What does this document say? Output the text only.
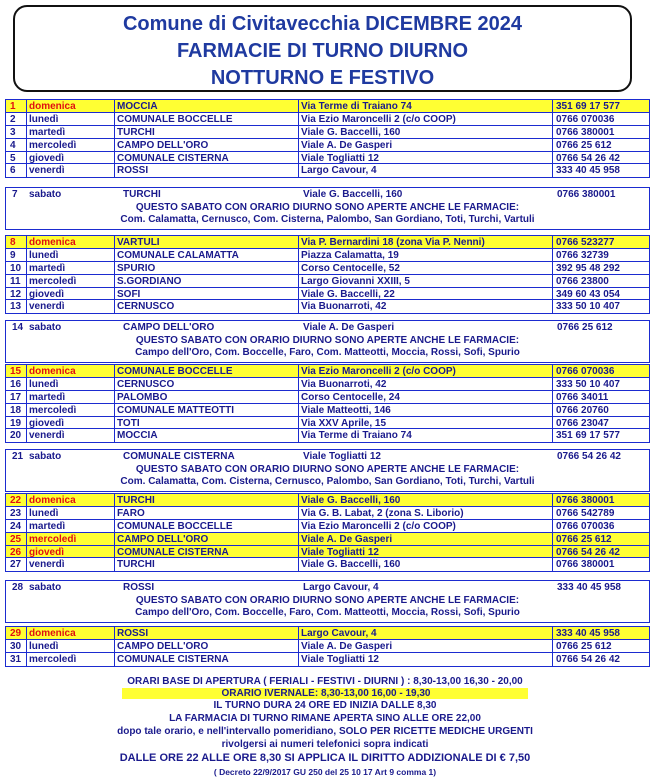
Comune di Civitavecchia DICEMBRE 2024
FARMACIE DI TURNO DIURNO
NOTTURNO E FESTIVO
1 domenica	MOCCIA	Via Terme di Traiano 74	351 69 17 577
2 lunedì	COMUNALE BOCCELLE	Via Ezio Maroncelli 2 (c/o COOP)	0766 070036
3 martedì	TURCHI	Viale G. Baccelli, 160	0766 380001
4 mercoledì	CAMPO DELL'ORO	Viale A. De Gasperi	0766 25 612
5 giovedì	COMUNALE CISTERNA	Viale Togliatti 12	0766 54 26 42
6 venerdì	ROSSI	Largo Cavour, 4	333 40 45 958
7 sabato	TURCHI	Viale G. Baccelli, 160	0766 380001
QUESTO SABATO CON ORARIO DIURNO SONO APERTE ANCHE LE FARMACIE:
Com. Calamatta, Cernusco, Com. Cisterna, Palombo, San Gordiano, Toti, Turchi, Vartuli
8 domenica	VARTULI	Via P. Bernardini 18 (zona Via P. Nenni)	0766 523277
9 lunedì	COMUNALE CALAMATTA	Piazza Calamatta, 19	0766 32739
10 martedì	SPURIO	Corso Centocelle, 52	392 95 48 292
11 mercoledì	S.GORDIANO	Largo Giovanni XXIII, 5	0766 23800
12 giovedì	SOFI	Viale G. Baccelli, 22	349 60 43 054
13 venerdì	CERNUSCO	Via Buonarroti, 42	333 50 10 407
14 sabato	CAMPO DELL'ORO	Viale A. De Gasperi	0766 25 612
QUESTO SABATO CON ORARIO DIURNO SONO APERTE ANCHE LE FARMACIE:
Campo dell'Oro, Com. Boccelle, Faro, Com. Matteotti, Moccia, Rossi, Sofi, Spurio
15 domenica	COMUNALE BOCCELLE	Via Ezio Maroncelli 2 (c/o COOP)	0766 070036
16 lunedì	CERNUSCO	Via Buonarroti, 42	333 50 10 407
17 martedì	PALOMBO	Corso Centocelle, 24	0766 34011
18 mercoledì	COMUNALE MATTEOTTI	Viale Matteotti, 146	0766 20760
19 giovedì	TOTI	Via XXV Aprile, 15	0766 23047
20 venerdì	MOCCIA	Via Terme di Traiano 74	351 69 17 577
21 sabato	COMUNALE CISTERNA	Viale Togliatti 12	0766 54 26 42
QUESTO SABATO CON ORARIO DIURNO SONO APERTE ANCHE LE FARMACIE:
Com. Calamatta, Com. Cisterna, Cernusco, Palombo, San Gordiano, Toti, Turchi, Vartuli
22 domenica	TURCHI	Viale G. Baccelli, 160	0766 380001
23 lunedì	FARO	Via G. B. Labat, 2 (zona S. Liborio)	0766 542789
24 martedì	COMUNALE BOCCELLE	Via Ezio Maroncelli 2 (c/o COOP)	0766 070036
25 mercoledì	CAMPO DELL'ORO	Viale A. De Gasperi	0766 25 612
26 giovedì	COMUNALE CISTERNA	Viale Togliatti 12	0766 54 26 42
27 venerdì	TURCHI	Viale G. Baccelli, 160	0766 380001
28 sabato	ROSSI	Largo Cavour, 4	333 40 45 958
QUESTO SABATO CON ORARIO DIURNO SONO APERTE ANCHE LE FARMACIE:
Campo dell'Oro, Com. Boccelle, Faro, Com. Matteotti, Moccia, Rossi, Sofi, Spurio
29 domenica	ROSSI	Largo Cavour, 4	333 40 45 958
30 lunedì	CAMPO DELL'ORO	Viale A. De Gasperi	0766 25 612
31 mercoledì	COMUNALE CISTERNA	Viale Togliatti 12	0766 54 26 42
ORARI BASE DI APERTURA ( FERIALI - FESTIVI - DIURNI ) : 8,30-13,00 16,30 - 20,00
ORARIO IVERNALE: 8,30-13,00 16,00 - 19,30
IL TURNO DURA 24 ORE ED INIZIA DALLE 8,30
LA FARMACIA DI TURNO RIMANE APERTA SINO ALLE ORE 22,00
dopo tale orario, e nell'intervallo pomeridiano, SOLO PER RICETTE MEDICHE URGENTI
rivolgersi ai numeri telefonici sopra indicati
DALLE ORE 22 ALLE ORE 8,30 SI APPLICA IL DIRITTO ADDIZIONALE DI € 7,50
( Decreto 22/9/2017 GU 250 del 25 10 17 Art 9 comma 1)
